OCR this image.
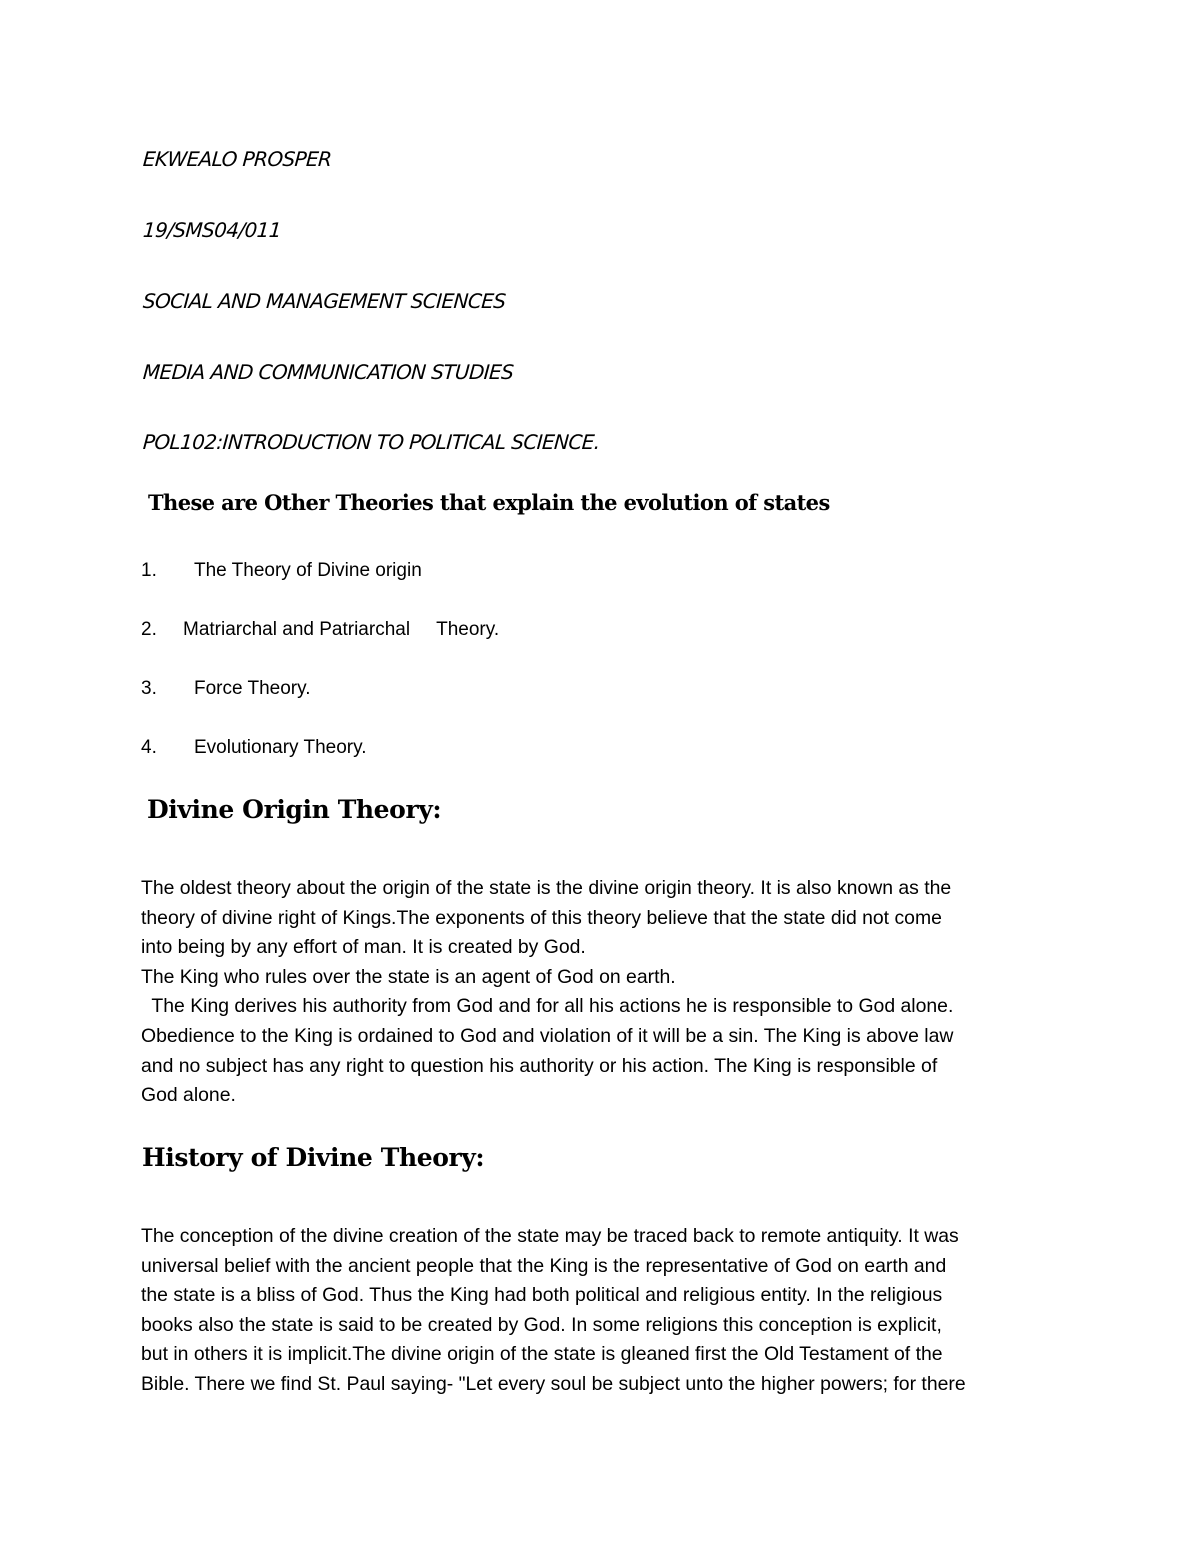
EKWEALO PROSPER
19/SMS04/011
SOCIAL AND MANAGEMENT SCIENCES
MEDIA AND COMMUNICATION STUDIES
POL102:INTRODUCTION TO POLITICAL SCIENCE.
These are Other Theories that explain the evolution of states
1. The Theory of Divine origin
2. Matriarchal and Patriarchal     Theory.
3. Force Theory.
4. Evolutionary Theory.
Divine Origin Theory:
The oldest theory about the origin of the state is the divine origin theory. It is also known as the
theory of divine right of Kings.The exponents of this theory believe that the state did not come
into being by any effort of man. It is created by God.
The King who rules over the state is an agent of God on earth.
The King derives his authority from God and for all his actions he is responsible to God alone.
Obedience to the King is ordained to God and violation of it will be a sin. The King is above law
and no subject has any right to question his authority or his action. The King is responsible of
God alone.
History of Divine Theory:
The conception of the divine creation of the state may be traced back to remote antiquity. It was
universal belief with the ancient people that the King is the representative of God on earth and
the state is a bliss of God. Thus the King had both political and religious entity. In the religious
books also the state is said to be created by God. In some religions this conception is explicit,
but in others it is implicit.The divine origin of the state is gleaned first the Old Testament of the
Bible. There we find St. Paul saying- "Let every soul be subject unto the higher powers; for there
